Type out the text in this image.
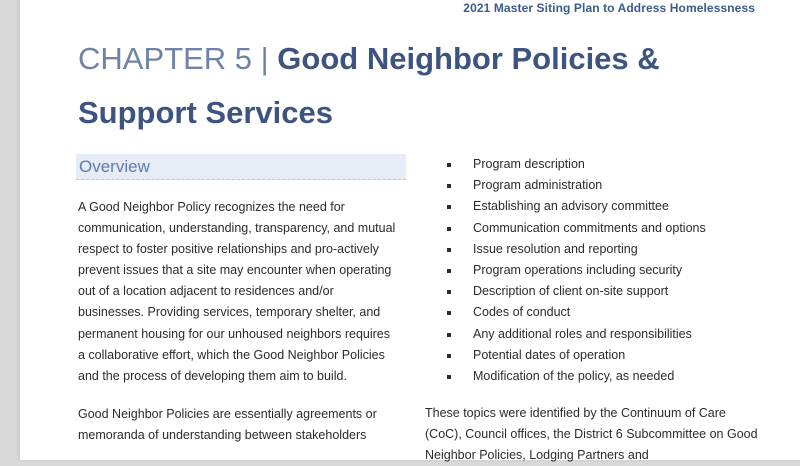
2021 Master Siting Plan to Address Homelessness
CHAPTER 5 | Good Neighbor Policies &
Support Services
Overview

A Good Neighbor Policy recognizes the need for communication, understanding, transparency, and mutual respect to foster positive relationships and pro-actively prevent issues that a site may encounter when operating out of a location adjacent to residences and/or businesses. Providing services, temporary shelter, and permanent housing for our unhoused neighbors requires a collaborative effort, which the Good Neighbor Policies and the process of developing them aim to build.

Good Neighbor Policies are essentially agreements or memoranda of understanding between stakeholders

Program description
Program administration
Establishing an advisory committee
Communication commitments and options
Issue resolution and reporting
Program operations including security
Description of client on-site support
Codes of conduct
Any additional roles and responsibilities
Potential dates of operation
Modification of the policy, as needed

These topics were identified by the Continuum of Care (CoC), Council offices, the District 6 Subcommittee on Good Neighbor Policies, Lodging Partners and
